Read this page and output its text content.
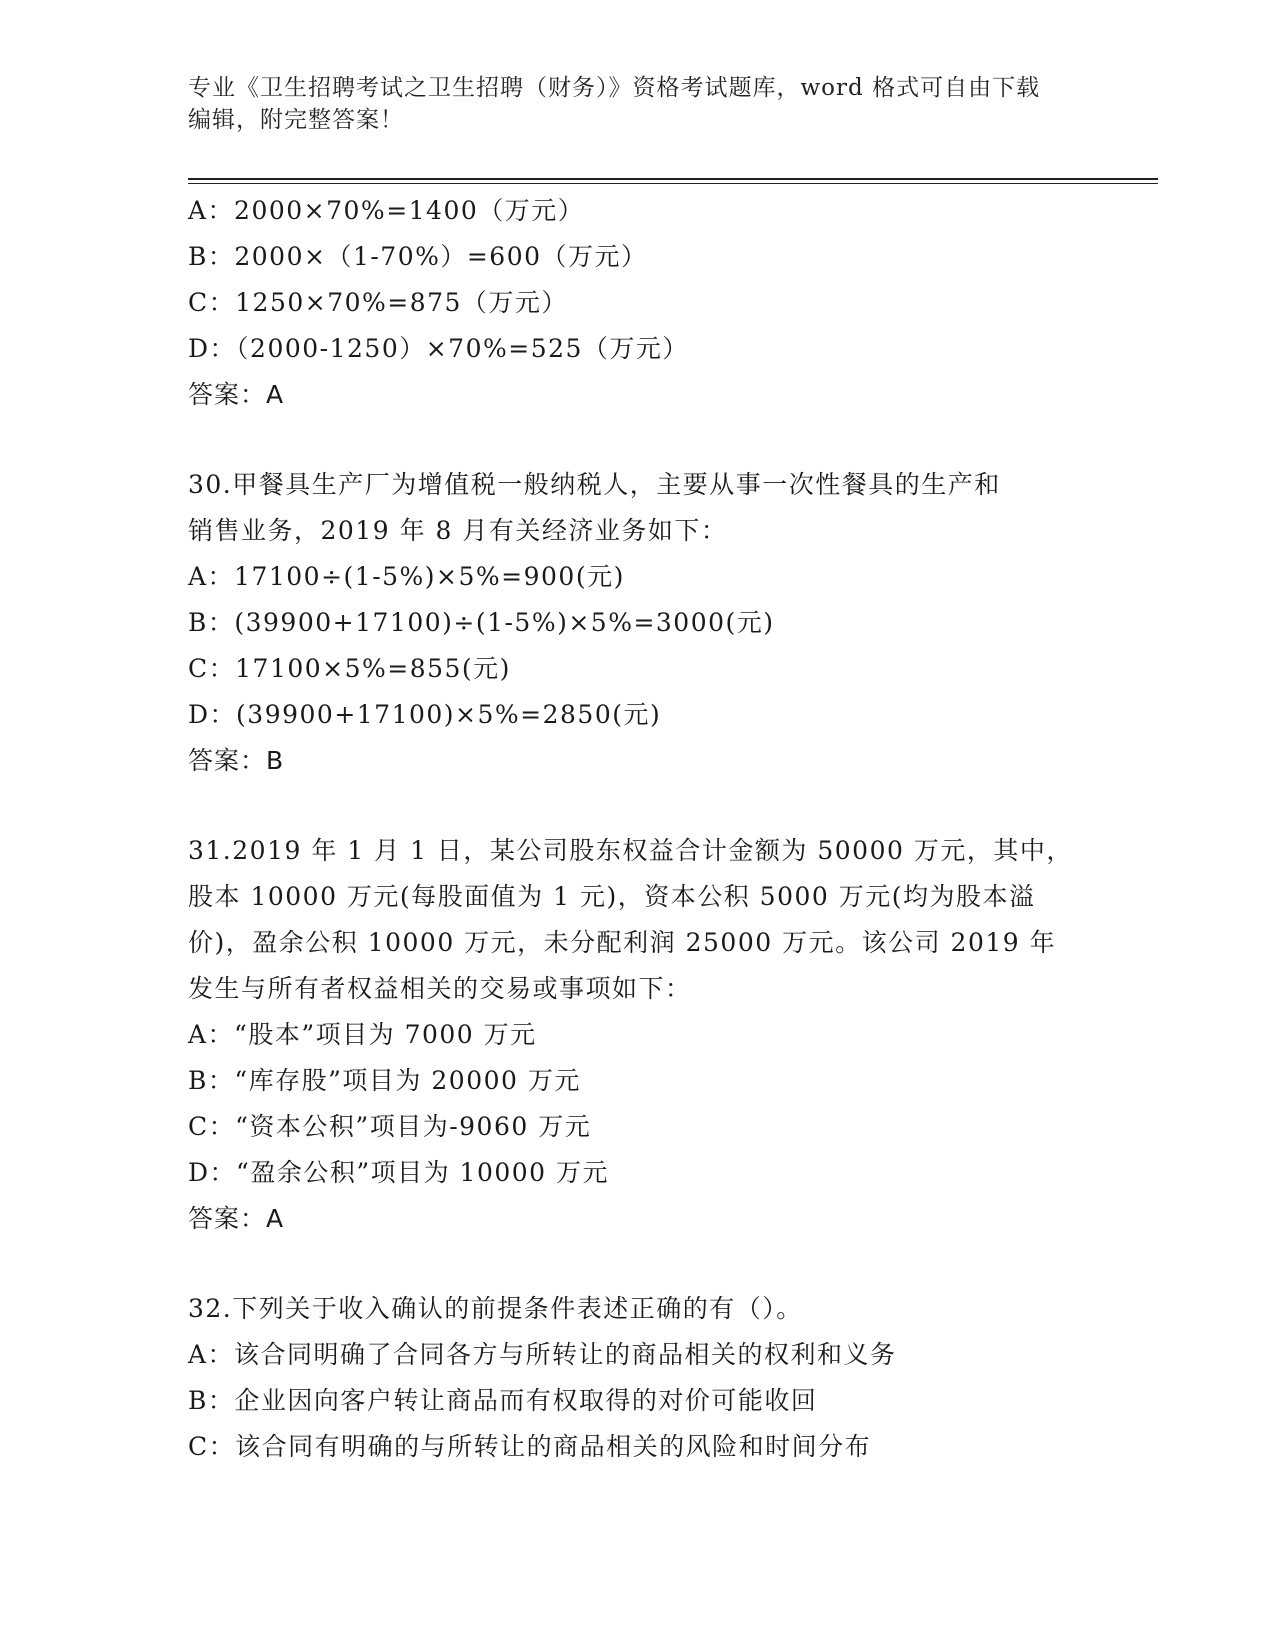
专业《卫生招聘考试之卫生招聘（财务）》资格考试题库，word 格式可自由下载
编辑，附完整答案！
A：2000×70%=1400（万元）
B：2000×（1-70%）=600（万元）
C：1250×70%=875（万元）
D：（2000-1250）×70%=525（万元）
答案：A
30.甲餐具生产厂为增值税一般纳税人，主要从事一次性餐具的生产和
销售业务，2019 年 8 月有关经济业务如下：
A：17100÷(1-5%)×5%=900(元)
B：(39900+17100)÷(1-5%)×5%=3000(元)
C：17100×5%=855(元)
D：(39900+17100)×5%=2850(元)
答案：B
31.2019 年 1 月 1 日，某公司股东权益合计金额为 50000 万元，其中，
股本 10000 万元(每股面值为 1 元)，资本公积 5000 万元(均为股本溢
价)，盈余公积 10000 万元，未分配利润 25000 万元。该公司 2019 年
发生与所有者权益相关的交易或事项如下：
A：“股本”项目为 7000 万元
B：“库存股”项目为 20000 万元
C：“资本公积”项目为-9060 万元
D：“盈余公积”项目为 10000 万元
答案：A
32.下列关于收入确认的前提条件表述正确的有（）。
A：该合同明确了合同各方与所转让的商品相关的权利和义务
B：企业因向客户转让商品而有权取得的对价可能收回
C：该合同有明确的与所转让的商品相关的风险和时间分布
